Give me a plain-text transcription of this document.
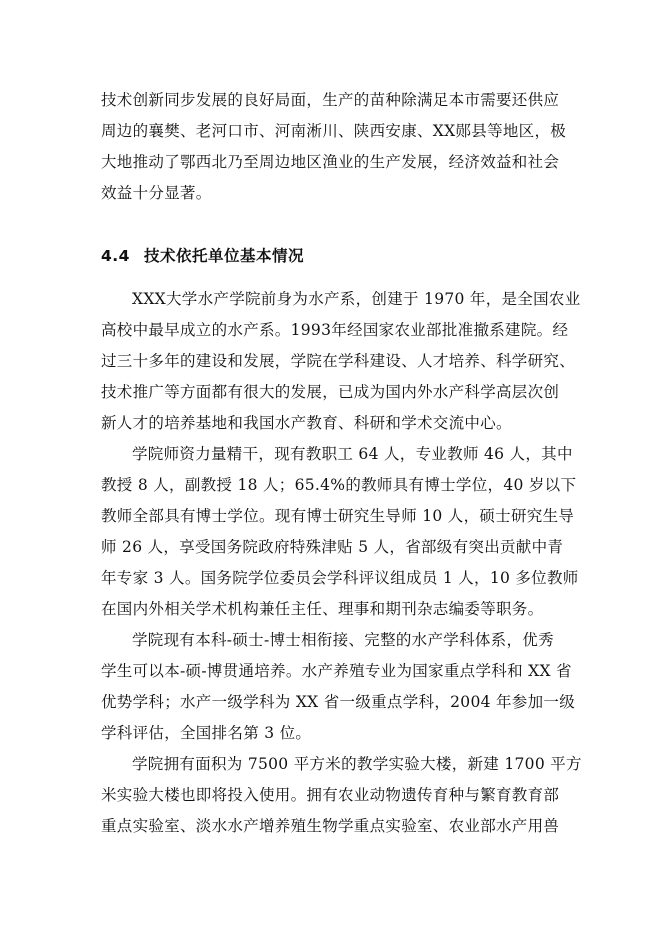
技术创新同步发展的良好局面，生产的苗种除满足本市需要还供应
周边的襄樊、老河口市、河南淅川、陕西安康、XX郧县等地区，极
大地推动了鄂西北乃至周边地区渔业的生产发展，经济效益和社会
效益十分显著。
4.4 技术依托单位基本情况
XXX大学水产学院前身为水产系，创建于 1970 年，是全国农业
高校中最早成立的水产系。1993年经国家农业部批准撤系建院。经
过三十多年的建设和发展，学院在学科建设、人才培养、科学研究、
技术推广等方面都有很大的发展，已成为国内外水产科学高层次创
新人才的培养基地和我国水产教育、科研和学术交流中心。
学院师资力量精干，现有教职工 64 人，专业教师 46 人，其中
教授 8 人，副教授 18 人；65.4%的教师具有博士学位，40 岁以下
教师全部具有博士学位。现有博士研究生导师 10 人，硕士研究生导
师 26 人，享受国务院政府特殊津贴 5 人，省部级有突出贡献中青
年专家 3 人。国务院学位委员会学科评议组成员 1 人，10 多位教师
在国内外相关学术机构兼任主任、理事和期刊杂志编委等职务。
学院现有本科-硕士-博士相衔接、完整的水产学科体系，优秀
学生可以本-硕-博贯通培养。水产养殖专业为国家重点学科和 XX 省
优势学科；水产一级学科为 XX 省一级重点学科，2004 年参加一级
学科评估，全国排名第 3 位。
学院拥有面积为 7500 平方米的教学实验大楼，新建 1700 平方
米实验大楼也即将投入使用。拥有农业动物遗传育种与繁育教育部
重点实验室、淡水水产增养殖生物学重点实验室、农业部水产用兽
